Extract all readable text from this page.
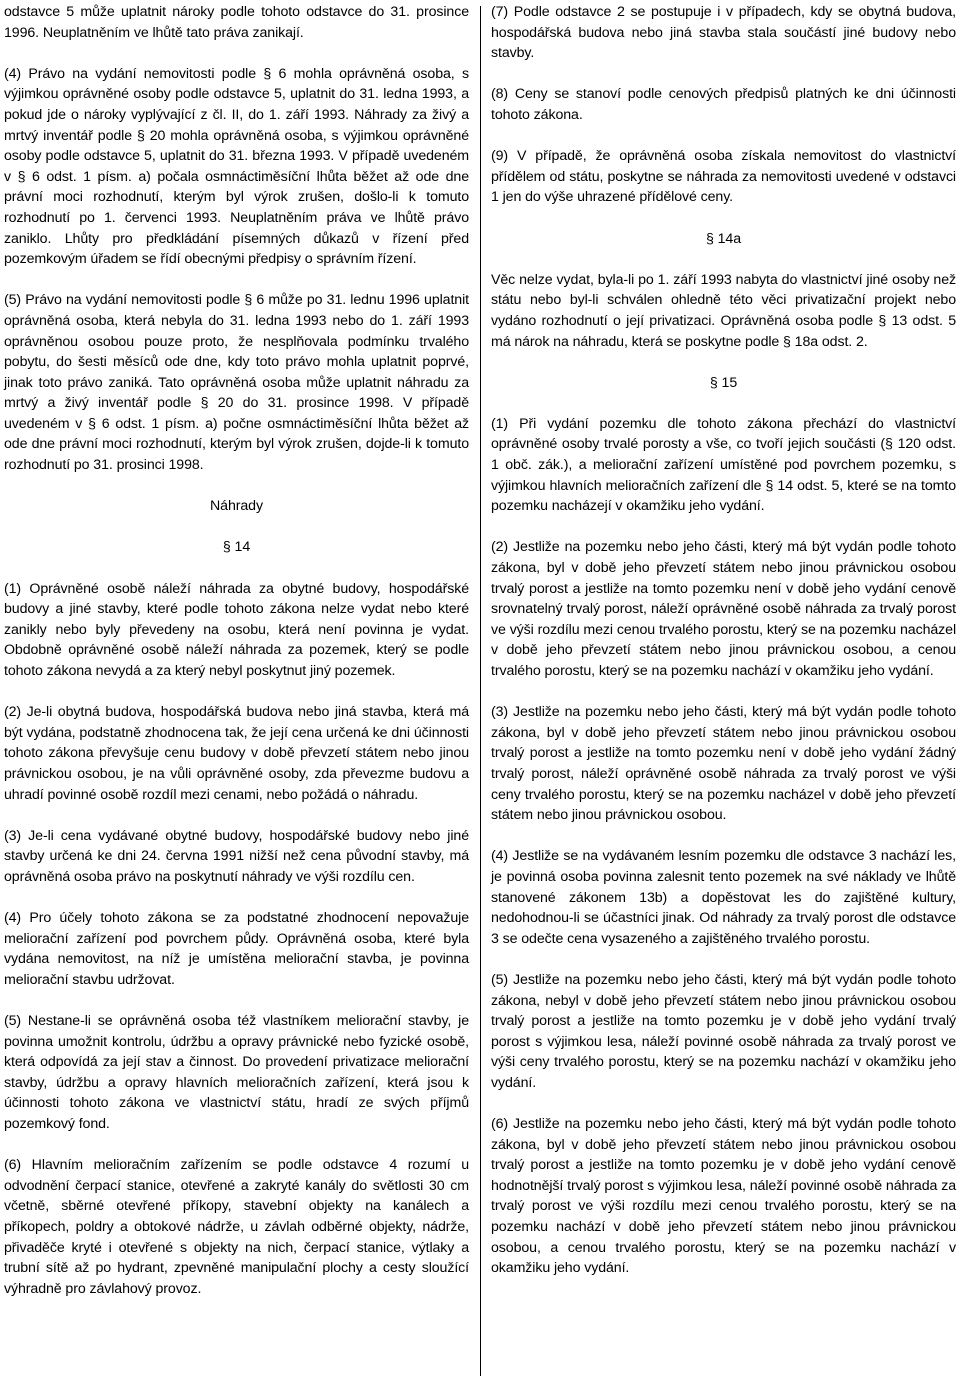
odstavce 5 může uplatnit nároky podle tohoto odstavce do 31. prosince 1996. Neuplatněním ve lhůtě tato práva zanikají.

(4) Právo na vydání nemovitosti podle § 6 mohla oprávněná osoba, s výjimkou oprávněné osoby podle odstavce 5, uplatnit do 31. ledna 1993, a pokud jde o nároky vyplývající z čl. II, do 1. září 1993. Náhrady za živý a mrtvý inventář podle § 20 mohla oprávněná osoba, s výjimkou oprávněné osoby podle odstavce 5, uplatnit do 31. března 1993. V případě uvedeném v § 6 odst. 1 písm. a) počala osmnáctiměsíční lhůta běžet až ode dne právní moci rozhodnutí, kterým byl výrok zrušen, došlo-li k tomuto rozhodnutí po 1. červenci 1993. Neuplatněním práva ve lhůtě právo zaniklo. Lhůty pro předkládání písemných důkazů v řízení před pozemkovým úřadem se řídí obecnými předpisy o správním řízení.

(5) Právo na vydání nemovitosti podle § 6 může po 31. lednu 1996 uplatnit oprávněná osoba, která nebyla do 31. ledna 1993 nebo do 1. září 1993 oprávněnou osobou pouze proto, že nesplňovala podmínku trvalého pobytu, do šesti měsíců ode dne, kdy toto právo mohla uplatnit poprvé, jinak toto právo zaniká. Tato oprávněná osoba může uplatnit náhradu za mrtvý a živý inventář podle § 20 do 31. prosince 1998. V případě uvedeném v § 6 odst. 1 písm. a) počne osmnáctiměsíční lhůta běžet až ode dne právní moci rozhodnutí, kterým byl výrok zrušen, dojde-li k tomuto rozhodnutí po 31. prosinci 1998.

Náhrady

§ 14

(1) Oprávněné osobě náleží náhrada za obytné budovy, hospodářské budovy a jiné stavby, které podle tohoto zákona nelze vydat nebo které zanikly nebo byly převedeny na osobu, která není povinna je vydat. Obdobně oprávněné osobě náleží náhrada za pozemek, který se podle tohoto zákona nevydá a za který nebyl poskytnut jiný pozemek.

(2) Je-li obytná budova, hospodářská budova nebo jiná stavba, která má být vydána, podstatně zhodnocena tak, že její cena určená ke dni účinnosti tohoto zákona převyšuje cenu budovy v době převzetí státem nebo jinou právnickou osobou, je na vůli oprávněné osoby, zda převezme budovu a uhradí povinné osobě rozdíl mezi cenami, nebo požádá o náhradu.

(3) Je-li cena vydávané obytné budovy, hospodářské budovy nebo jiné stavby určená ke dni 24. června 1991 nižší než cena původní stavby, má oprávněná osoba právo na poskytnutí náhrady ve výši rozdílu cen.

(4) Pro účely tohoto zákona se za podstatné zhodnocení nepovažuje meliorační zařízení pod povrchem půdy. Oprávněná osoba, které byla vydána nemovitost, na níž je umístěna meliorační stavba, je povinna meliorační stavbu udržovat.

(5) Nestane-li se oprávněná osoba též vlastníkem meliorační stavby, je povinna umožnit kontrolu, údržbu a opravy právnické nebo fyzické osobě, která odpovídá za její stav a činnost. Do provedení privatizace meliorační stavby, údržbu a opravy hlavních melioračních zařízení, která jsou k účinnosti tohoto zákona ve vlastnictví státu, hradí ze svých příjmů pozemkový fond.

(6) Hlavním melioračním zařízením se podle odstavce 4 rozumí u odvodnění čerpací stanice, otevřené a zakryté kanály do světlosti 30 cm včetně, sběrné otevřené příkopy, stavební objekty na kanálech a příkopech, poldry a obtokové nádrže, u závlah odběrné objekty, nádrže, přivaděče kryté i otevřené s objekty na nich, čerpací stanice, výtlaky a trubní sítě až po hydrant, zpevněné manipulační plochy a cesty sloužící výhradně pro závlahový provoz.

(7) Podle odstavce 2 se postupuje i v případech, kdy se obytná budova, hospodářská budova nebo jiná stavba stala součástí jiné budovy nebo stavby.

(8) Ceny se stanoví podle cenových předpisů platných ke dni účinnosti tohoto zákona.

(9) V případě, že oprávněná osoba získala nemovitost do vlastnictví přídělem od státu, poskytne se náhrada za nemovitosti uvedené v odstavci 1 jen do výše uhrazené přídělové ceny.

§ 14a

Věc nelze vydat, byla-li po 1. září 1993 nabyta do vlastnictví jiné osoby než státu nebo byl-li schválen ohledně této věci privatizační projekt nebo vydáno rozhodnutí o její privatizaci. Oprávněná osoba podle § 13 odst. 5 má nárok na náhradu, která se poskytne podle § 18a odst. 2.

§ 15

(1) Při vydání pozemku dle tohoto zákona přechází do vlastnictví oprávněné osoby trvalé porosty a vše, co tvoří jejich součásti (§ 120 odst. 1 obč. zák.), a meliorační zařízení umístěné pod povrchem pozemku, s výjimkou hlavních melioračních zařízení dle § 14 odst. 5, které se na tomto pozemku nacházejí v okamžiku jeho vydání.

(2) Jestliže na pozemku nebo jeho části, který má být vydán podle tohoto zákona, byl v době jeho převzetí státem nebo jinou právnickou osobou trvalý porost a jestliže na tomto pozemku není v době jeho vydání cenově srovnatelný trvalý porost, náleží oprávněné osobě náhrada za trvalý porost ve výši rozdílu mezi cenou trvalého porostu, který se na pozemku nacházel v době jeho převzetí státem nebo jinou právnickou osobou, a cenou trvalého porostu, který se na pozemku nachází v okamžiku jeho vydání.

(3) Jestliže na pozemku nebo jeho části, který má být vydán podle tohoto zákona, byl v době jeho převzetí státem nebo jinou právnickou osobou trvalý porost a jestliže na tomto pozemku není v době jeho vydání žádný trvalý porost, náleží oprávněné osobě náhrada za trvalý porost ve výši ceny trvalého porostu, který se na pozemku nacházel v době jeho převzetí státem nebo jinou právnickou osobou.

(4) Jestliže se na vydávaném lesním pozemku dle odstavce 3 nachází les, je povinná osoba povinna zalesnit tento pozemek na své náklady ve lhůtě stanovené zákonem 13b) a dopěstovat les do zajištěné kultury, nedohodnou-li se účastníci jinak. Od náhrady za trvalý porost dle odstavce 3 se odečte cena vysazeného a zajištěného trvalého porostu.

(5) Jestliže na pozemku nebo jeho části, který má být vydán podle tohoto zákona, nebyl v době jeho převzetí státem nebo jinou právnickou osobou trvalý porost a jestliže na tomto pozemku je v době jeho vydání trvalý porost s výjimkou lesa, náleží povinné osobě náhrada za trvalý porost ve výši ceny trvalého porostu, který se na pozemku nachází v okamžiku jeho vydání.

(6) Jestliže na pozemku nebo jeho části, který má být vydán podle tohoto zákona, byl v době jeho převzetí státem nebo jinou právnickou osobou trvalý porost a jestliže na tomto pozemku je v době jeho vydání cenově hodnotnější trvalý porost s výjimkou lesa, náleží povinné osobě náhrada za trvalý porost ve výši rozdílu mezi cenou trvalého porostu, který se na pozemku nachází v době jeho převzetí státem nebo jinou právnickou osobou, a cenou trvalého porostu, který se na pozemku nachází v okamžiku jeho vydání.
